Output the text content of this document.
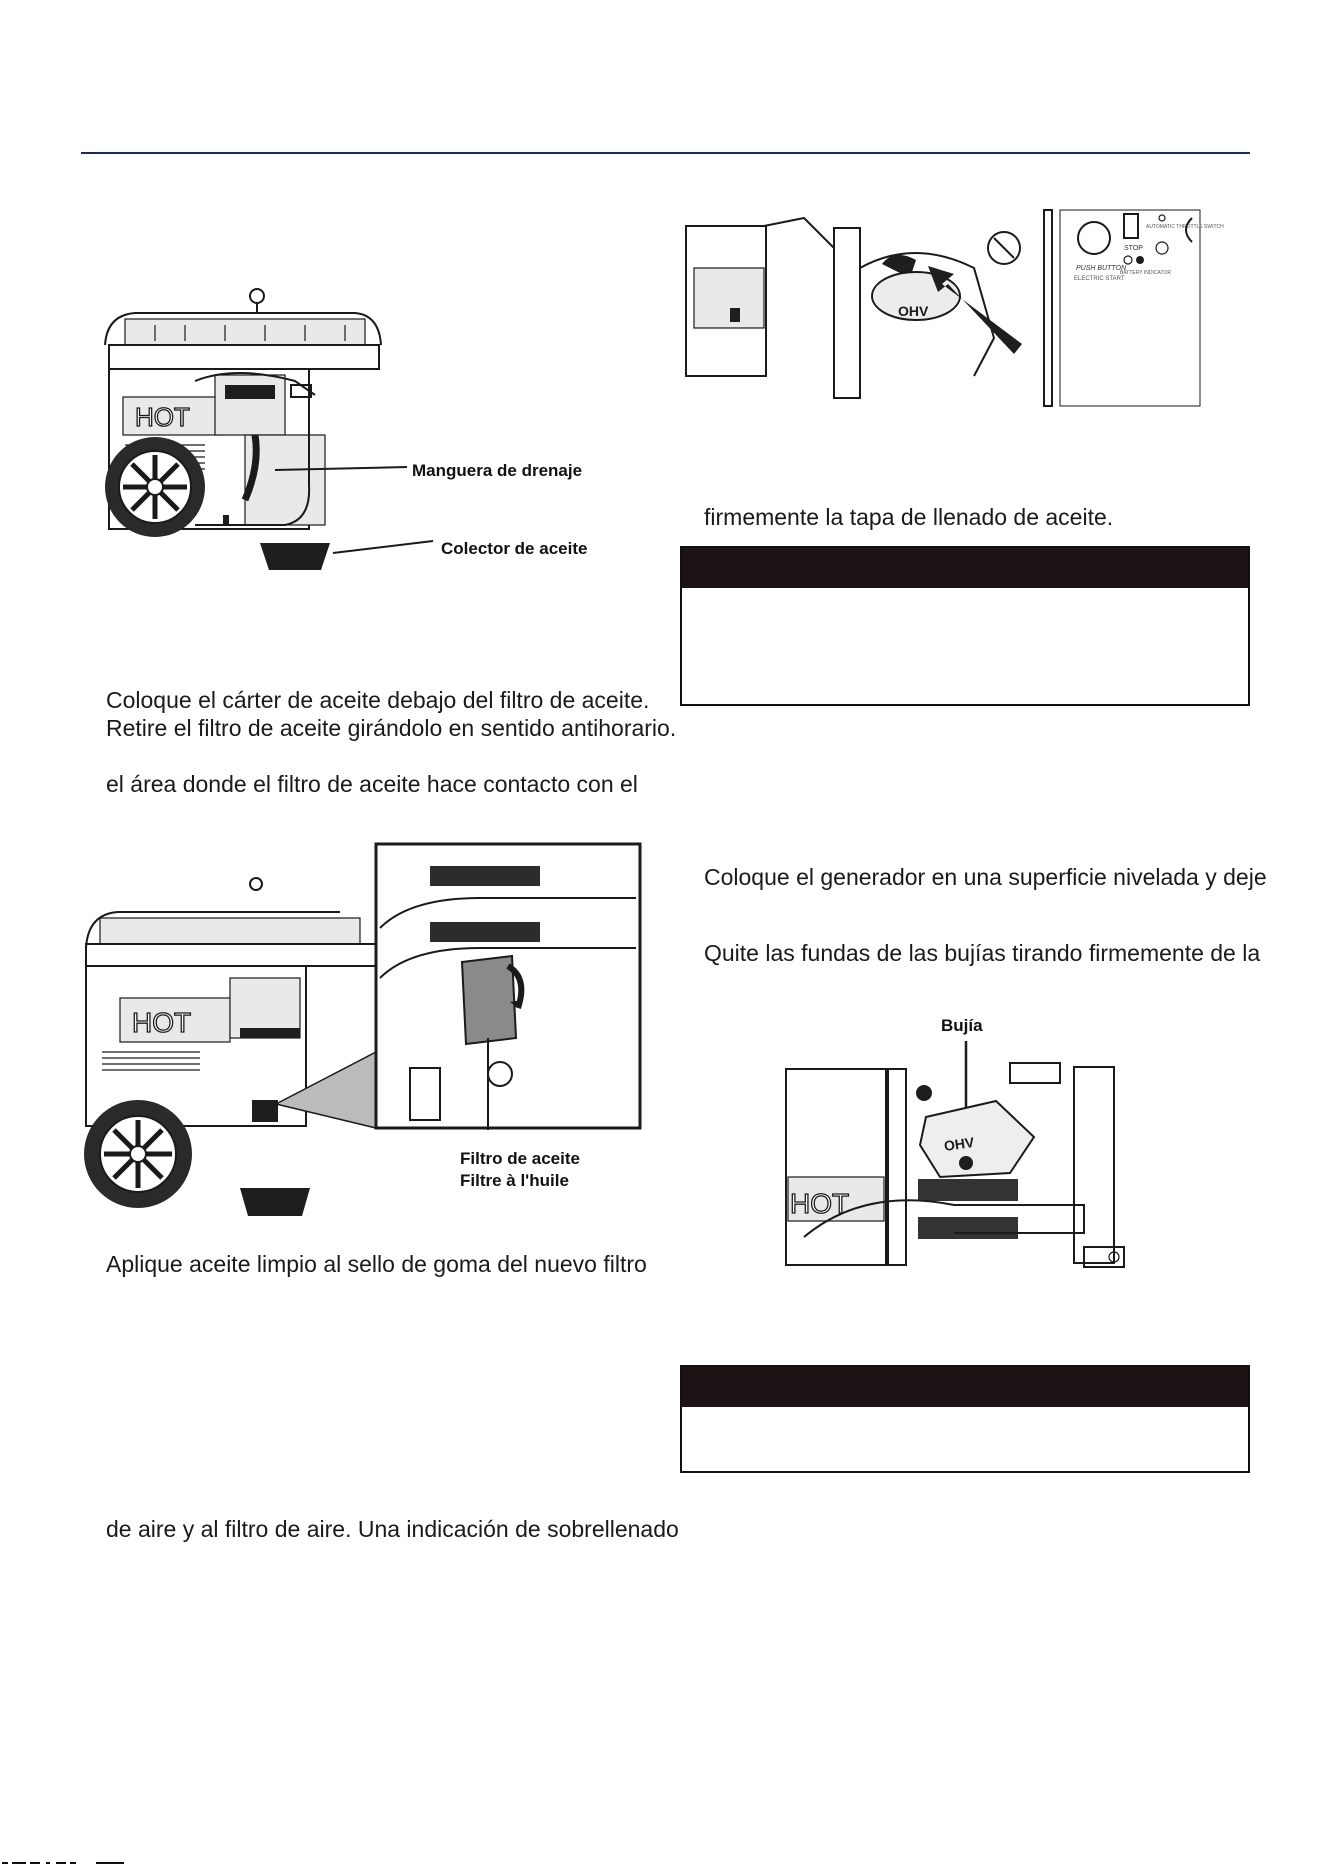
HOT
Manguera de drenaje
Colector de aceite
Coloque el cárter de aceite debajo del filtro de aceite.
Retire el filtro de aceite girándolo en sentido antihorario.
el área donde el filtro de aceite hace contacto con el
HOT
Filtro de aceite
Filtre à l'huile
Aplique aceite limpio al sello de goma del nuevo filtro
de aire y al filtro de aire. Una indicación de sobrellenado
OHV
PUSH BUTTON
ELECTRIC START
STOP
BATTERY INDICATOR
AUTOMATIC THROTTLE SWITCH
firmemente la tapa de llenado de aceite.
Coloque el generador en una superficie nivelada y deje
Quite las fundas de las bujías tirando firmemente de la
Bujía
HOT
OHV
